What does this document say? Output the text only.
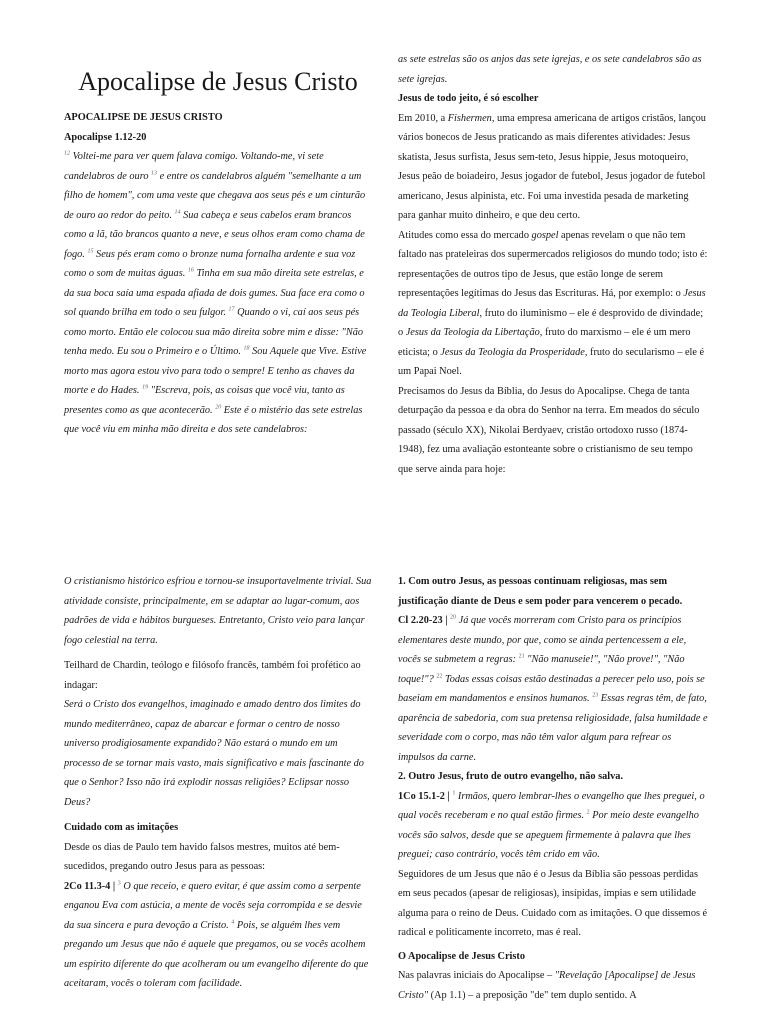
Apocalipse de Jesus Cristo

APOCALIPSE DE JESUS CRISTO

Apocalipse 1.12-20

$^{12}$ Voltei-me para ver quem falava comigo. Voltando-me, vi sete candelabros de ouro $^{13}$ e entre os candelabros alguém "semelhante a um filho de homem", com uma veste que chegava aos seus pés e um cinturão de ouro ao redor do peito. $^{14}$ Sua cabeça e seus cabelos eram brancos como a lã, tão brancos quanto a neve, e seus olhos eram como chama de fogo. $^{15}$ Seus pés eram como o bronze numa fornalha ardente e sua voz como o som de muitas águas. $^{16}$ Tinha em sua mão direita sete estrelas, e da sua boca saía uma espada afiada de dois gumes. Sua face era como o sol quando brilha em todo o seu fulgor. $^{17}$ Quando o vi, caí aos seus pés como morto. Então ele colocou sua mão direita sobre mim e disse: "Não tenha medo. Eu sou o Primeiro e o Último. $^{18}$ Sou Aquele que Vive. Estive morto mas agora estou vivo para todo o sempre! E tenho as chaves da morte e do Hades. $^{19}$ "Escreva, pois, as coisas que você viu, tanto as presentes como as que acontecerão. $^{20}$ Este é o mistério das sete estrelas que você viu em minha mão direita e dos sete candelabros:

as sete estrelas são os anjos das sete igrejas, e os sete candelabros são as sete igrejas.

Jesus de todo jeito, é só escolher

Em 2010, a Fishermen, uma empresa americana de artigos cristãos, lançou vários bonecos de Jesus praticando as mais diferentes atividades: Jesus skatista, Jesus surfista, Jesus sem-teto, Jesus hippie, Jesus motoqueiro, Jesus peão de boiadeiro, Jesus jogador de futebol, Jesus jogador de futebol americano, Jesus alpinista, etc. Foi uma investida pesada de marketing para ganhar muito dinheiro, e que deu certo.

Atitudes como essa do mercado gospel apenas revelam o que não tem faltado nas prateleiras dos supermercados religiosos do mundo todo; isto é: representações de outros tipo de Jesus, que estão longe de serem representações legítimas do Jesus das Escrituras. Há, por exemplo: o Jesus da Teologia Liberal, fruto do iluminismo – ele é desprovido de divindade; o Jesus da Teologia da Libertação, fruto do marxismo – ele é um mero eticista; o Jesus da Teologia da Prosperidade, fruto do secularismo – ele é um Papai Noel.

Precisamos do Jesus da Bíblia, do Jesus do Apocalipse. Chega de tanta deturpação da pessoa e da obra do Senhor na terra. Em meados do século passado (século XX), Nikolai Berdyaev, cristão ortodoxo russo (1874-1948), fez uma avaliação estonteante sobre o cristianismo de seu tempo que serve ainda para hoje:

O cristianismo histórico esfriou e tornou-se insuportavelmente trivial. Sua atividade consiste, principalmente, em se adaptar ao lugar-comum, aos padrões de vida e hábitos burgueses. Entretanto, Cristo veio para lançar fogo celestial na terra.

Teilhard de Chardin, teólogo e filósofo francês, também foi profético ao indagar:

Será o Cristo dos evangelhos, imaginado e amado dentro dos limites do mundo mediterrâneo, capaz de abarcar e formar o centro de nosso universo prodigiosamente expandido? Não estará o mundo em um processo de se tornar mais vasto, mais significativo e mais fascinante do que o Senhor? Isso não irá explodir nossas religiões? Eclipsar nosso Deus?

Cuidado com as imitações

Desde os dias de Paulo tem havido falsos mestres, muitos até bem-sucedidos, pregando outro Jesus para as pessoas:

2Co 11.3-4 | $^3$ O que receio, e quero evitar, é que assim como a serpente enganou Eva com astúcia, a mente de vocês seja corrompida e se desvie da sua sincera e pura devoção a Cristo. $^4$ Pois, se alguém lhes vem pregando um Jesus que não é aquele que pregamos, ou se vocês acolhem um espírito diferente do que acolheram ou um evangelho diferente do que aceitaram, vocês o toleram com facilidade.

1. Com outro Jesus, as pessoas continuam religiosas, mas sem justificação diante de Deus e sem poder para vencerem o pecado.

Cl 2.20-23 | $^{20}$ Já que vocês morreram com Cristo para os princípios elementares deste mundo, por que, como se ainda pertencessem a ele, vocês se submetem a regras: $^{21}$ "Não manuseie!", "Não prove!", "Não toque!"? $^{22}$ Todas essas coisas estão destinadas a perecer pelo uso, pois se baseiam em mandamentos e ensinos humanos. $^{23}$ Essas regras têm, de fato, aparência de sabedoria, com sua pretensa religiosidade, falsa humildade e severidade com o corpo, mas não têm valor algum para refrear os impulsos da carne.

2. Outro Jesus, fruto de outro evangelho, não salva.

1Co 15.1-2 | $^1$ Irmãos, quero lembrar-lhes o evangelho que lhes preguei, o qual vocês receberam e no qual estão firmes. $^2$ Por meio deste evangelho vocês são salvos, desde que se apeguem firmemente à palavra que lhes preguei; caso contrário, vocês têm crido em vão.

Seguidores de um Jesus que não é o Jesus da Bíblia são pessoas perdidas em seus pecados (apesar de religiosas), insípidas, ímpias e sem utilidade alguma para o reino de Deus. Cuidado com as imitações. O que dissemos é radical e politicamente incorreto, mas é real.

O Apocalipse de Jesus Cristo

Nas palavras iniciais do Apocalipse – "Revelação [Apocalipse] de Jesus Cristo" (Ap 1.1) – a preposição "de" tem duplo sentido. A
